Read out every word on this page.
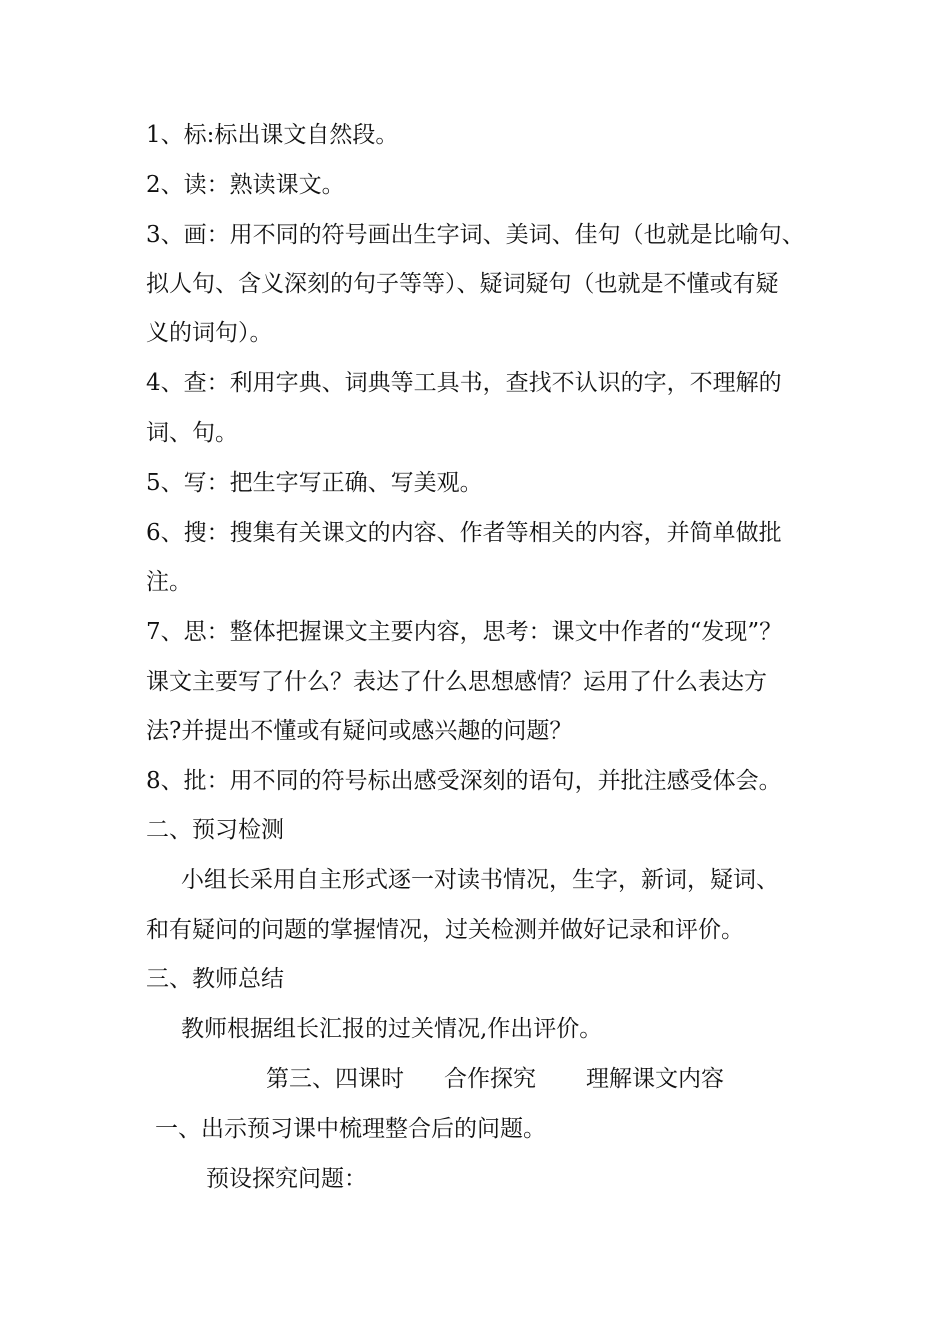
1、标:标出课文自然段。
2、读：熟读课文。
3、画：用不同的符号画出生字词、美词、佳句（也就是比喻句、
拟人句、含义深刻的句子等等）、疑词疑句（也就是不懂或有疑
义的词句）。
4、查：利用字典、词典等工具书，查找不认识的字，不理解的
词、句。
5、写：把生字写正确、写美观。
6、搜：搜集有关课文的内容、作者等相关的内容，并简单做批
注。
7、思：整体把握课文主要内容，思考：课文中作者的“发现”？
课文主要写了什么？表达了什么思想感情？运用了什么表达方
法?并提出不懂或有疑问或感兴趣的问题？
8、批：用不同的符号标出感受深刻的语句，并批注感受体会。
二、预习检测
小组长采用自主形式逐一对读书情况，生字，新词，疑词、
和有疑问的问题的掌握情况，过关检测并做好记录和评价。
三、教师总结
教师根据组长汇报的过关情况,作出评价。
第三、四课时 合作探究 理解课文内容
一、出示预习课中梳理整合后的问题。
预设探究问题：
